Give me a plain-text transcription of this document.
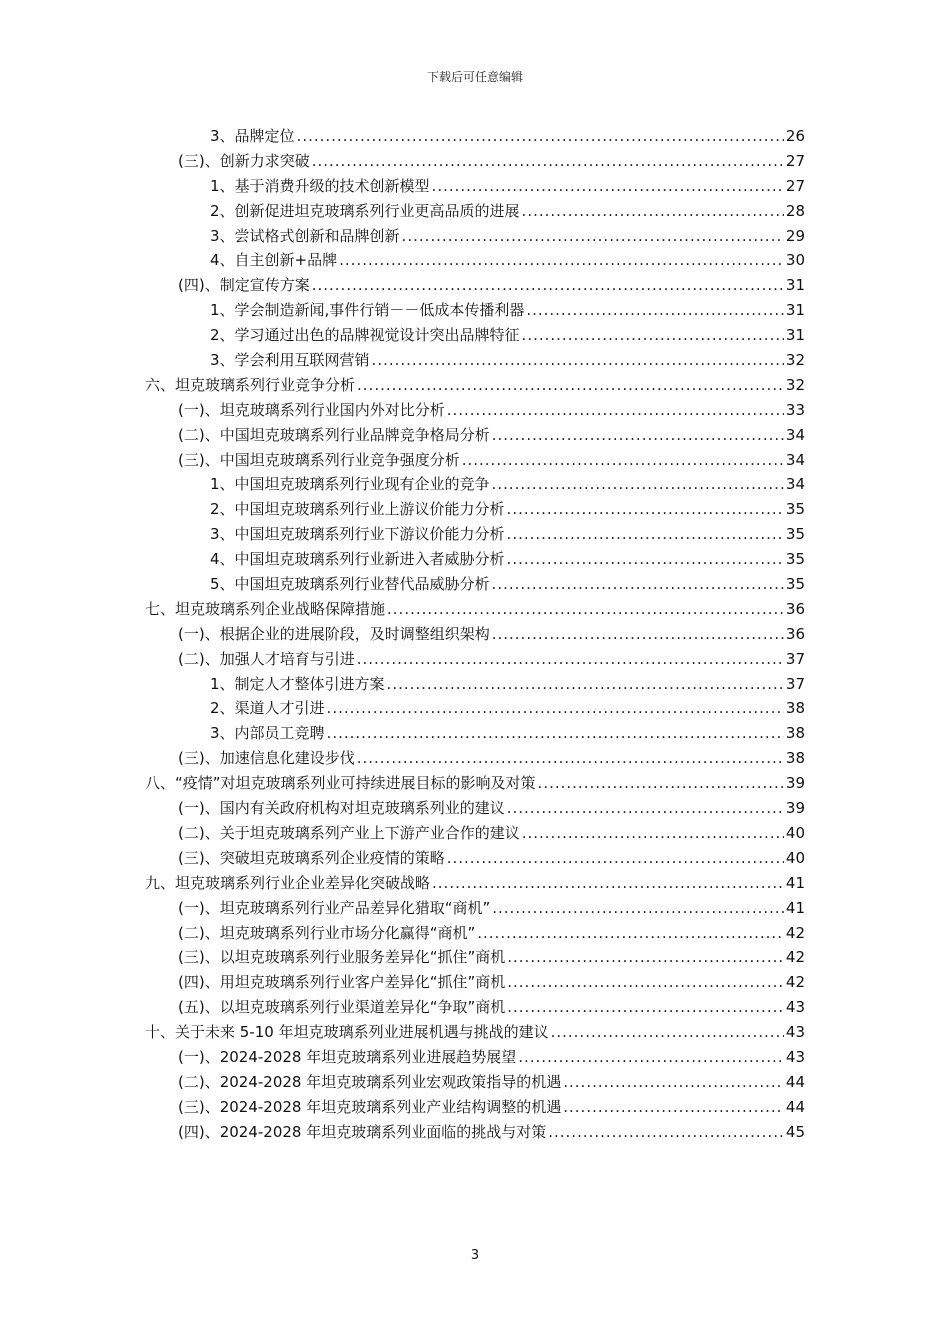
下载后可任意编辑
3、品牌定位 .....	26
(三)、创新力求突破 .....	27
1、基于消费升级的技术创新模型 .....	27
2、创新促进坦克玻璃系列行业更高品质的进展 .....	28
3、尝试格式创新和品牌创新 .....	29
4、自主创新+品牌 .....	30
(四)、制定宣传方案 .....	31
1、学会制造新闻,事件行销－－低成本传播利器 .....	31
2、学习通过出色的品牌视觉设计突出品牌特征 .....	31
3、学会利用互联网营销 .....	32
六、坦克玻璃系列行业竞争分析 .....	32
(一)、坦克玻璃系列行业国内外对比分析 .....	33
(二)、中国坦克玻璃系列行业品牌竞争格局分析 .....	34
(三)、中国坦克玻璃系列行业竞争强度分析 .....	34
1、中国坦克玻璃系列行业现有企业的竞争 .....	34
2、中国坦克玻璃系列行业上游议价能力分析 .....	35
3、中国坦克玻璃系列行业下游议价能力分析 .....	35
4、中国坦克玻璃系列行业新进入者威胁分析 .....	35
5、中国坦克玻璃系列行业替代品威胁分析 .....	35
七、坦克玻璃系列企业战略保障措施 .....	36
(一)、根据企业的进展阶段，及时调整组织架构 .....	36
(二)、加强人才培育与引进 .....	37
1、制定人才整体引进方案 .....	37
2、渠道人才引进 .....	38
3、内部员工竞聘 .....	38
(三)、加速信息化建设步伐 .....	38
八、“疫情”对坦克玻璃系列业可持续进展目标的影响及对策 .....	39
(一)、国内有关政府机构对坦克玻璃系列业的建议 .....	39
(二)、关于坦克玻璃系列产业上下游产业合作的建议 .....	40
(三)、突破坦克玻璃系列企业疫情的策略 .....	40
九、坦克玻璃系列行业企业差异化突破战略 .....	41
(一)、坦克玻璃系列行业产品差异化猎取“商机” .....	41
(二)、坦克玻璃系列行业市场分化赢得“商机” .....	42
(三)、以坦克玻璃系列行业服务差异化“抓住”商机 .....	42
(四)、用坦克玻璃系列行业客户差异化“抓住”商机 .....	42
(五)、以坦克玻璃系列行业渠道差异化“争取”商机 .....	43
十、关于未来 5-10 年坦克玻璃系列业进展机遇与挑战的建议 .....	43
(一)、2024-2028 年坦克玻璃系列业进展趋势展望 .....	43
(二)、2024-2028 年坦克玻璃系列业宏观政策指导的机遇 .....	44
(三)、2024-2028 年坦克玻璃系列业产业结构调整的机遇 .....	44
(四)、2024-2028 年坦克玻璃系列业面临的挑战与对策 .....	45
3
